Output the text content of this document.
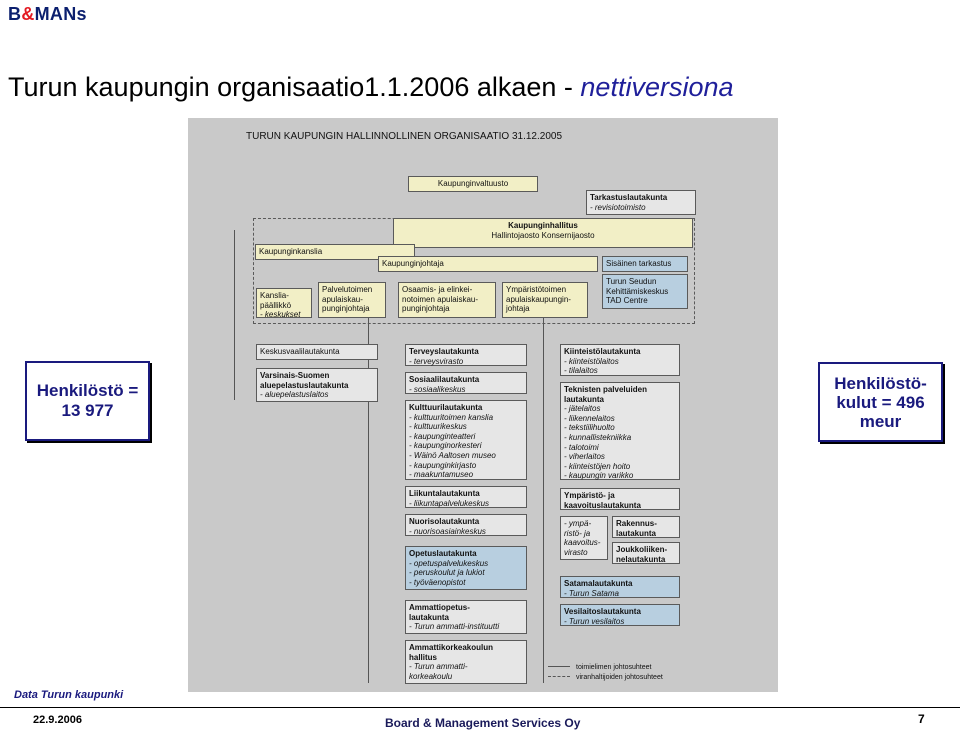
B&MANs
Turun kaupungin organisaatio1.1.2006 alkaen - nettiversiona
TURUN KAUPUNGIN HALLINNOLLINEN ORGANISAATIO 31.12.2005
Kaupunginvaltuusto
Tarkastuslautakunta
- revisiotoimisto
Kaupunginhallitus
Hallintojaosto Konsernijaosto
Kaupunginkanslia
Kaupunginjohtaja	Sisäinen tarkastus
Turun Seudun
Kehittämiskeskus
TAD Centre
Kanslia-
päällikkö
- keskukset
Palvelutoimen
apulaiskau-
punginjohtaja
Osaamis- ja elinkei-
notoimen apulaiskau-
punginjohtaja
Ympäristötoimen
apulaiskaupungin-
johtaja
Keskusvaalilautakunta
Varsinais-Suomen
aluepelastuslautakunta
- aluepelastuslaitos
Terveyslautakunta
- terveysvirasto
Sosiaalilautakunta
- sosiaalikeskus
Kulttuurilautakunta
- kulttuuritoimen kanslia
- kulttuurikeskus
- kaupunginteatteri
- kaupunginorkesteri
- Wäinö Aaltosen museo
- kaupunginkirjasto
- maakuntamuseo
Liikuntalautakunta
- liikuntapalvelukeskus
Nuorisolautakunta
- nuorisoasiainkeskus
Opetuslautakunta
- opetuspalvelukeskus
- peruskoulut ja lukiot
- työväenopistot
Ammattiopetus-
lautakunta
- Turun ammatti-instituutti
Ammattikorkeakoulun
hallitus
- Turun ammatti-
korkeakoulu
Kiinteistölautakunta
- kiinteistölaitos
- tilalaitos
Teknisten palveluiden
lautakunta
- jätelaitos
- liikennelaitos
- tekstiilihuolto
- kunnallistekniikka
- talotoimi
- viherlaitos
- kiinteistöjen hoito
- kaupungin varikko
Ympäristö- ja
kaavoituslautakunta
- ympä-
ristö- ja
kaavoitus-
virasto
Rakennus-
lautakunta
Joukkoliiken-
nelautakunta
Satamalautakunta
- Turun Satama
Vesilaitoslautakunta
- Turun vesilaitos
toimielimen johtosuhteet
viranhaltijoiden johtosuhteet
Henkilöstö =
13 977
Henkilöstö-kulut = 496 meur
Data Turun kaupunki
22.9.2006	Board & Management Services Oy	7
